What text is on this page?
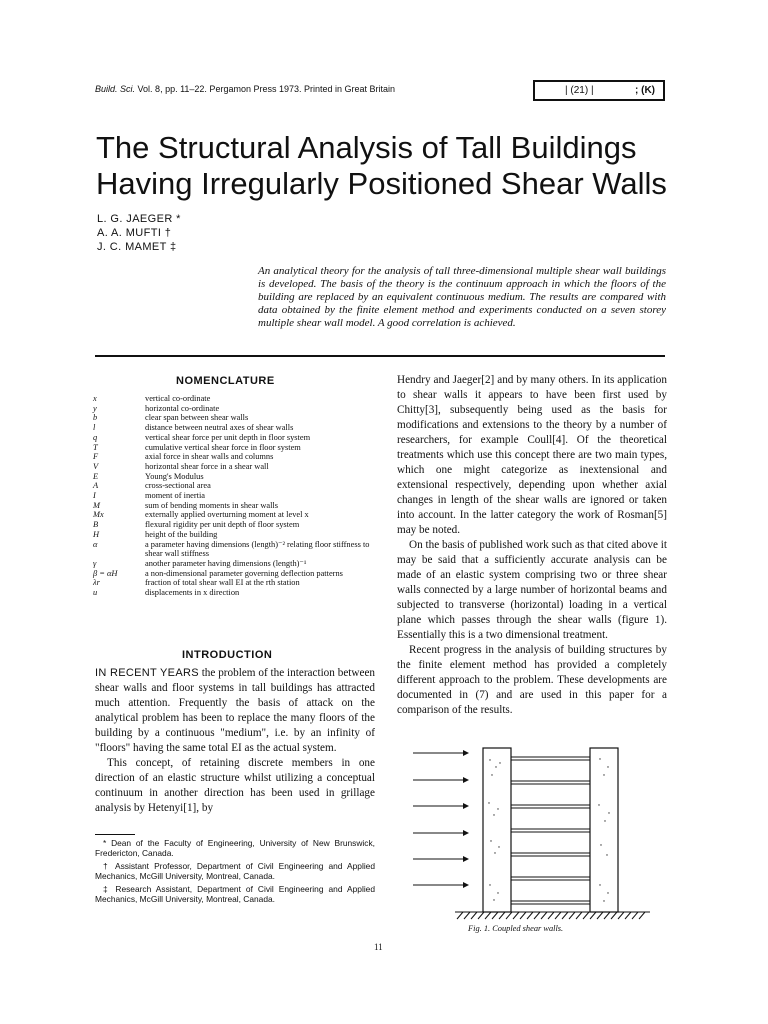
Build. Sci. Vol. 8, pp. 11–22. Pergamon Press 1973. Printed in Great Britain	| (21) |	; (K)
The Structural Analysis of Tall Buildings Having Irregularly Positioned Shear Walls
L. G. JAEGER *
A. A. MUFTI †
J. C. MAMET ‡
An analytical theory for the analysis of tall three-dimensional multiple shear wall buildings is developed. The basis of the theory is the continuum approach in which the floors of the building are replaced by an equivalent continuous medium. The results are compared with data obtained by the finite element method and experiments conducted on a seven storey multiple shear wall model. A good correlation is achieved.
NOMENCLATURE
x	vertical co-ordinate
y	horizontal co-ordinate
b	clear span between shear walls
l	distance between neutral axes of shear walls
q	vertical shear force per unit depth in floor system
T	cumulative vertical shear force in floor system
F	axial force in shear walls and columns
V	horizontal shear force in a shear wall
E	Young's Modulus
A	cross-sectional area
I	moment of inertia
M	sum of bending moments in shear walls
Mx	externally applied overturning moment at level x
B	flexural rigidity per unit depth of floor system
H	height of the building
α	a parameter having dimensions (length)⁻² relating floor stiffness to shear wall stiffness
γ	another parameter having dimensions (length)⁻¹
β = αH	a non-dimensional parameter governing deflection patterns
λr	fraction of total shear wall EI at the rth station
u	displacements in x direction
INTRODUCTION
IN RECENT YEARS the problem of the interaction between shear walls and floor systems in tall buildings has attracted much attention. Frequently the basis of attack on the analytical problem has been to replace the many floors of the building by a continuous "medium", i.e. by an infinity of "floors" having the same total EI as the actual system.
This concept, of retaining discrete members in one direction of an elastic structure whilst utilizing a conceptual continuum in another direction has been used in grillage analysis by Hetenyi[1], by

* Dean of the Faculty of Engineering, University of New Brunswick, Fredericton, Canada.

† Assistant Professor, Department of Civil Engineering and Applied Mechanics, McGill University, Montreal, Canada.

‡ Research Assistant, Department of Civil Engineering and Applied Mechanics, McGill University, Montreal, Canada.

Hendry and Jaeger[2] and by many others. In its application to shear walls it appears to have been first used by Chitty[3], subsequently being used as the basis for modifications and extensions to the theory by a number of researchers, for example Coull[4]. Of the theoretical treatments which use this concept there are two main types, which one might categorize as inextensional and extensional respectively, depending upon whether axial changes in length of the shear walls are ignored or taken into account. In the latter category the work of Rosman[5] may be noted.

On the basis of published work such as that cited above it may be said that a sufficiently accurate analysis can be made of an elastic system comprising two or three shear walls connected by a large number of horizontal beams and subjected to transverse (horizontal) loading in a vertical plane which passes through the shear walls (figure 1). Essentially this is a two dimensional treatment.

Recent progress in the analysis of building structures by the finite element method has provided a completely different approach to the problem. These developments are documented in (7) and are used in this paper for a comparison of the results.

Fig. 1. Coupled shear walls.
11
